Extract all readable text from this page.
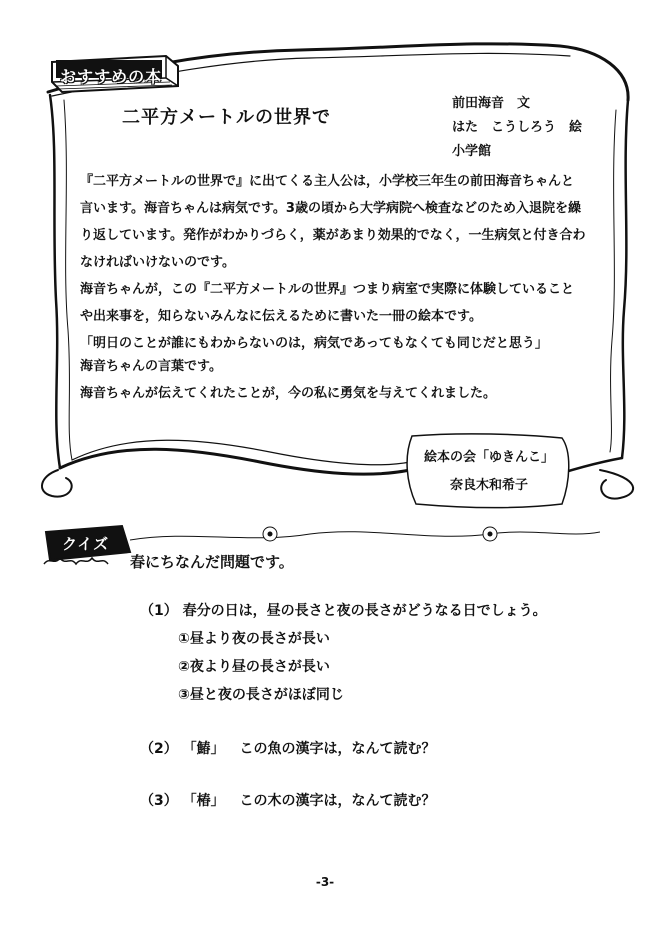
おすすめの本
二平方メートルの世界で
前田海音　文
はた　こうしろう　絵
小学館

『二平方メートルの世界で』に出てくる主人公は，小学校三年生の前田海音ちゃんと

言います。海音ちゃんは病気です。3歳の頃から大学病院へ検査などのため入退院を繰

り返しています。発作がわかりづらく，薬があまり効果的でなく，一生病気と付き合わ

なければいけないのです。

海音ちゃんが，この『二平方メートルの世界』つまり病室で実際に体験していること

や出来事を，知らないみんなに伝えるために書いた一冊の絵本です。

「明日のことが誰にもわからないのは，病気であってもなくても同じだと思う」

海音ちゃんの言葉です。

海音ちゃんが伝えてくれたことが，今の私に勇気を与えてくれました。

絵本の会「ゆきんこ」
奈良木和希子
クイズ
春にちなんだ問題です。
（1） 春分の日は，昼の長さと夜の長さがどうなる日でしょう。
①昼より夜の長さが長い
②夜より昼の長さが長い
③昼と夜の長さがほぼ同じ
（2） 「鰆」 この魚の漢字は，なんて読む？
（3） 「椿」 この木の漢字は，なんて読む？
-3-
